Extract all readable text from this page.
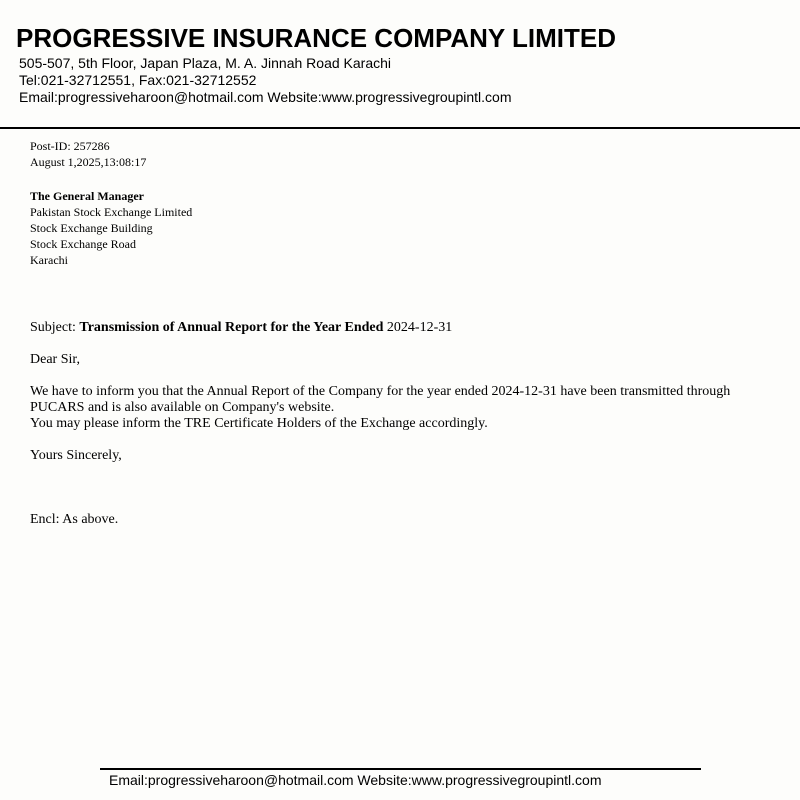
PROGRESSIVE INSURANCE COMPANY LIMITED
505-507, 5th Floor, Japan Plaza, M. A. Jinnah Road Karachi
Tel:021-32712551, Fax:021-32712552
Email:progressiveharoon@hotmail.com Website:www.progressivegroupintl.com
Post-ID: 257286
August 1,2025,13:08:17
The General Manager
Pakistan Stock Exchange Limited
Stock Exchange Building
Stock Exchange Road
Karachi
Subject: Transmission of Annual Report for the Year Ended 2024-12-31
Dear Sir,
We have to inform you that the Annual Report of the Company for the year ended 2024-12-31 have been transmitted through
PUCARS and is also available on Company's website.
You may please inform the TRE Certificate Holders of the Exchange accordingly.
Yours Sincerely,
Encl: As above.
Email:progressiveharoon@hotmail.com Website:www.progressivegroupintl.com
